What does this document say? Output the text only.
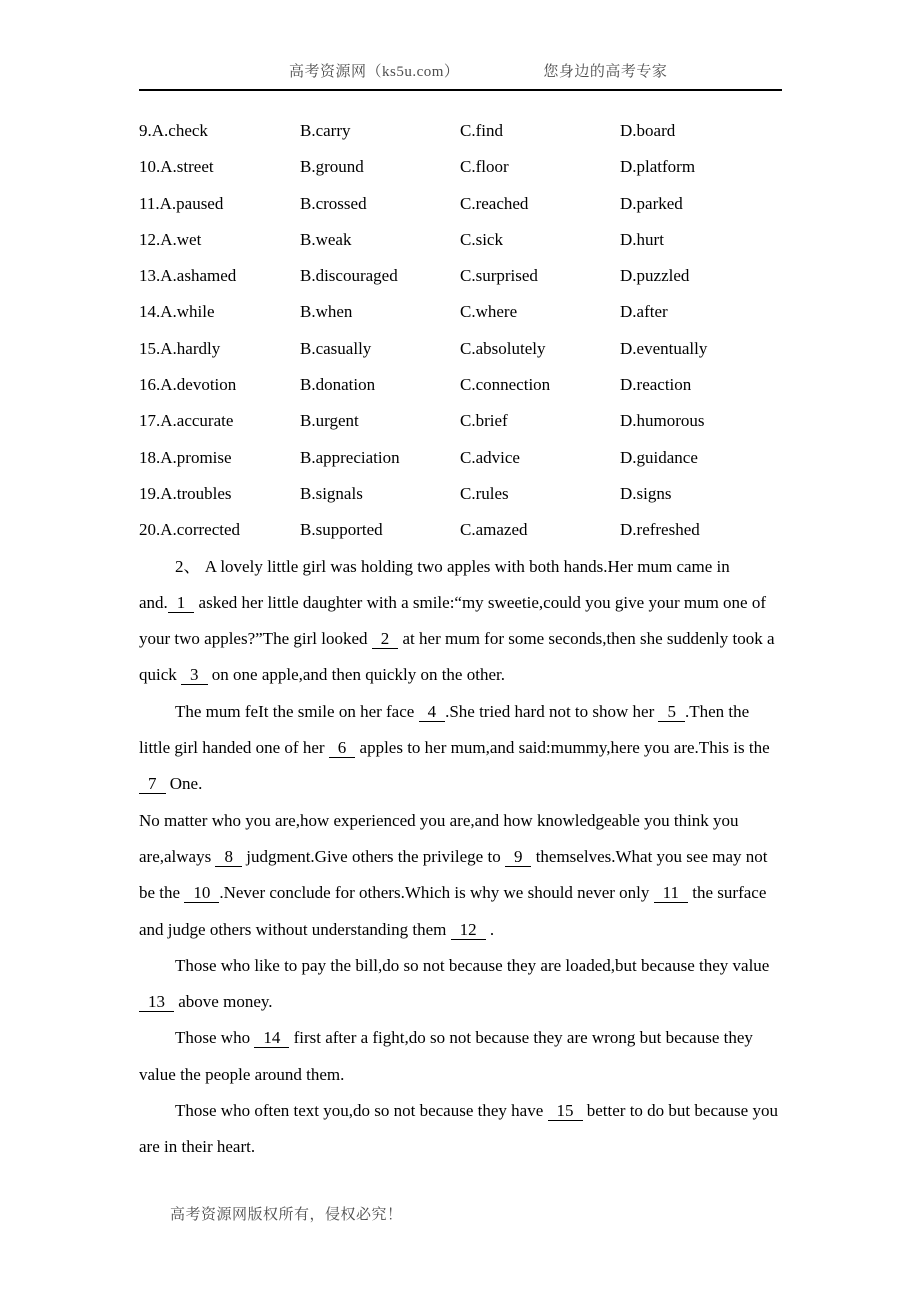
高考资源网（ks5u.com）	您身边的高考专家
9.A.check	B.carry	C.find	D.board
10.A.street	B.ground	C.floor	D.platform
11.A.paused	B.crossed	C.reached	D.parked
12.A.wet	B.weak	C.sick	D.hurt
13.A.ashamed	B.discouraged	C.surprised	D.puzzled
14.A.while	B.when	C.where	D.after
15.A.hardly	B.casually	C.absolutely	D.eventually
16.A.devotion	B.donation	C.connection	D.reaction
17.A.accurate	B.urgent	C.brief	D.humorous
18.A.promise	B.appreciation	C.advice	D.guidance
19.A.troubles	B.signals	C.rules	D.signs
20.A.corrected	B.supported	C.amazed	D.refreshed

2、 A lovely little girl was holding two apples with both hands.Her mum came in and. 1 asked her little daughter with a smile:“my sweetie,could you give your mum one of your two apples?”The girl looked 2 at her mum for some seconds,then she suddenly took a quick 3 on one apple,and then quickly on the other.

The mum feIt the smile on her face 4 .She tried hard not to show her 5 .Then the little girl handed one of her 6 apples to her mum,and said:mummy,here you are.This is the 7 One.

No matter who you are,how experienced you are,and how knowledgeable you think you are,always 8 judgment.Give others the privilege to 9 themselves.What you see may not be the 10 .Never conclude for others.Which is why we should never only 11 the surface and judge others without understanding them 12 .

Those who like to pay the bill,do so not because they are loaded,but because they value 13 above money.

Those who 14 first after a fight,do so not because they are wrong but because they value the people around them.

Those who often text you,do so not because they have 15 better to do but because you are in their heart.

高考资源网版权所有，侵权必究！
